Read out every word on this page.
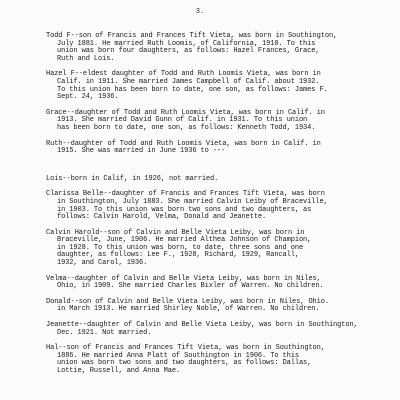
3.
Todd F--son of Francis and Frances Tift Vieta, was born in Southington,
July 1881. He married Ruth Loomis, of California, 1910. To this
union was born four daughters, as follows: Hazel Frances, Grace,
Ruth and Lois.
Hazel F--eldest daughter of Todd and Ruth Loomis Vieta, was born in
Calif. in 1911. She married James Campbell of Calif. about 1932.
To this union has been born to date, one son, as follows: James F.
Sept. 24, 1936.
Grace--daughter of Todd and Ruth Loomis Vieta, was born in Calif. in
1913. She married David Gunn of Calif. in 1931. To this union
has been born to date, one son, as follows: Kenneth Todd, 1934.
Ruth--daughter of Todd and Ruth Loomis Vieta, was born in Calif. in
1915. She was married in June 1936 to ---
Lois--born in Calif, in 1926, not married.
Clarissa Belle--daughter of Francis and Frances Tift Vieta, was born
in Southington, July 1883. She married Calvin Leiby of Braceville,
in 1903. To this union was born two sons and two daughters, as
follows: Calvin Harold, Velma, Donald and Jeanette.
Calvin Harold--son of Calvin and Belle Vieta Leiby, was born in
Braceville, June, 1906. He married Althea Johnson of Champion,
in 1928. To this union was born, to date, three sons and one
daughter, as follows: Lee F., 1928, Richard, 1929, Rancall,
1932, and Carol, 1936.
Velma--daughter of Calvin and Belle Vieta Leiby, was born in Niles,
Ohio, in 1909. She married Charles Bixler of Warren. No children.
Donald--son of Calvin and Belle Vieta Leiby, was born in Niles, Ohio.
in March 1913. He married Shirley Noble, of Warren. No children.
Jeanette--daughter of Calvin and Belle Vieta Leiby, was born in Southington,
Dec. 1921. Not married.
Hal--son of Francis and Frances Tift Vieta, was born in Southington,
1886. He married Anna Platt of Southington in 1906. To this
union was born two sons and two daughters, as follows: Dallas,
Lottie, Russell, and Anna Mae.
